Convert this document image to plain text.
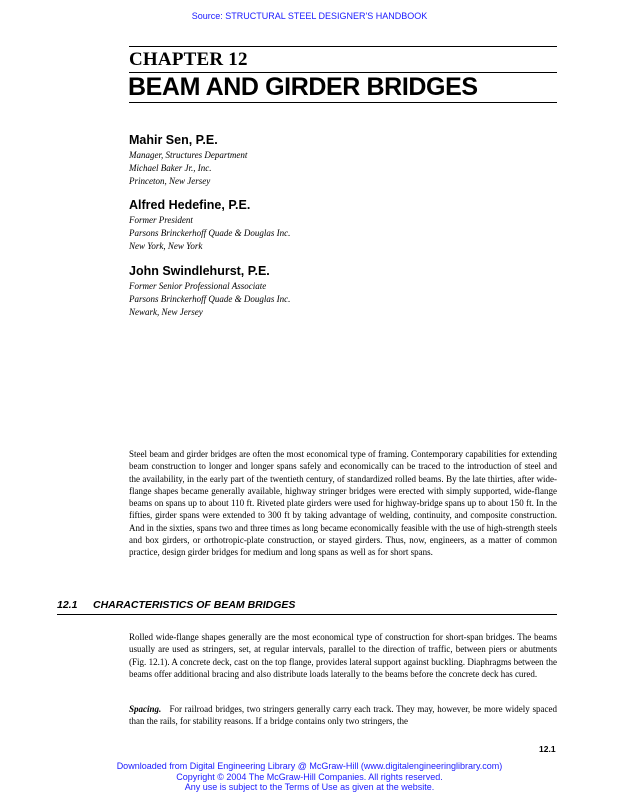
Source: STRUCTURAL STEEL DESIGNER'S HANDBOOK
CHAPTER 12
BEAM AND GIRDER BRIDGES
Mahir Sen, P.E.
Manager, Structures Department
Michael Baker Jr., Inc.
Princeton, New Jersey
Alfred Hedefine, P.E.
Former President
Parsons Brinckerhoff Quade & Douglas Inc.
New York, New York
John Swindlehurst, P.E.
Former Senior Professional Associate
Parsons Brinckerhoff Quade & Douglas Inc.
Newark, New Jersey

Steel beam and girder bridges are often the most economical type of framing. Contemporary capabilities for extending beam construction to longer and longer spans safely and economically can be traced to the introduction of steel and the availability, in the early part of the twentieth century, of standardized rolled beams. By the late thirties, after wide-flange shapes became generally available, highway stringer bridges were erected with simply supported, wide-flange beams on spans up to about 110 ft. Riveted plate girders were used for highway-bridge spans up to about 150 ft. In the fifties, girder spans were extended to 300 ft by taking advantage of welding, continuity, and composite construction. And in the sixties, spans two and three times as long became economically feasible with the use of high-strength steels and box girders, or orthotropic-plate construction, or stayed girders. Thus, now, engineers, as a matter of common practice, design girder bridges for medium and long spans as well as for short spans.

12.1 CHARACTERISTICS OF BEAM BRIDGES

Rolled wide-flange shapes generally are the most economical type of construction for short-span bridges. The beams usually are used as stringers, set, at regular intervals, parallel to the direction of traffic, between piers or abutments (Fig. 12.1). A concrete deck, cast on the top flange, provides lateral support against buckling. Diaphragms between the beams offer additional bracing and also distribute loads laterally to the beams before the concrete deck has cured.

Spacing. For railroad bridges, two stringers generally carry each track. They may, however, be more widely spaced than the rails, for stability reasons. If a bridge contains only two stringers, the

12.1
Downloaded from Digital Engineering Library @ McGraw-Hill (www.digitalengineeringlibrary.com)
Copyright © 2004 The McGraw-Hill Companies. All rights reserved.
Any use is subject to the Terms of Use as given at the website.
